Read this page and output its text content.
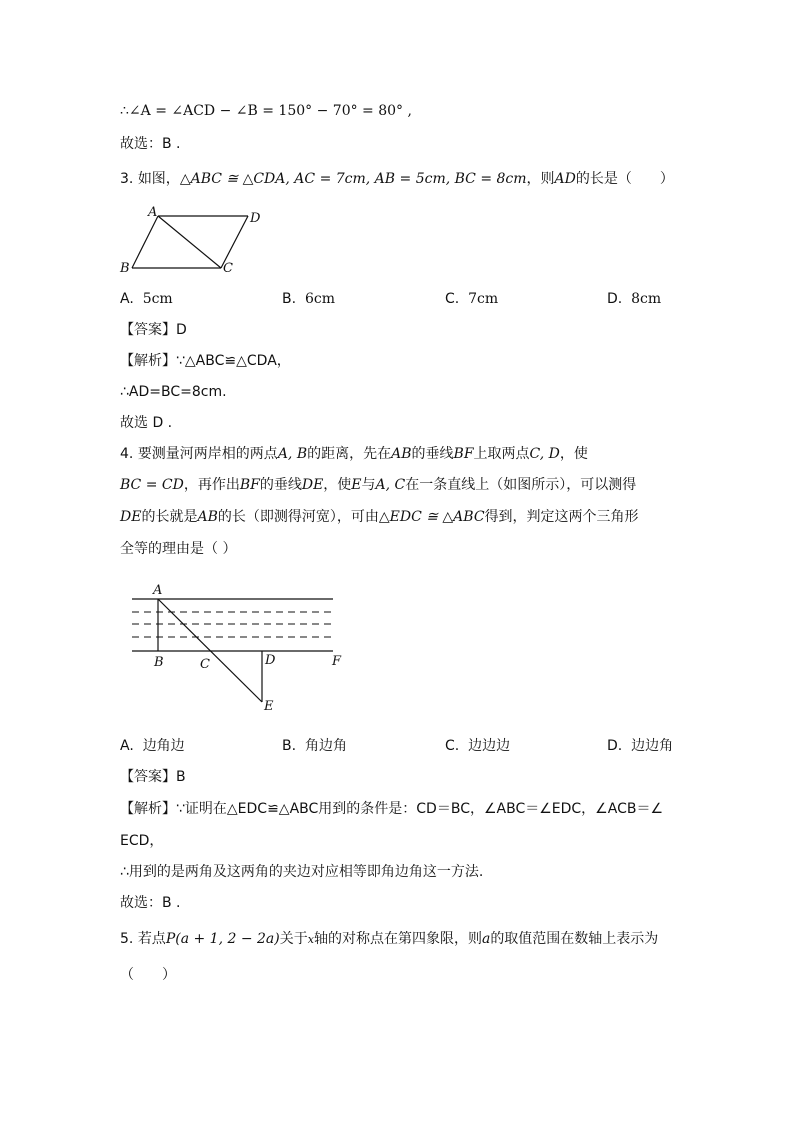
∴∠A = ∠ACD − ∠B = 150° − 70° = 80° ,
故选：B .
3. 如图，△ABC ≅ △CDA, AC = 7cm, AB = 5cm, BC = 8cm，则AD的长是（　　）
A
B	C
D
A. 5cm	B. 6cm	C. 7cm	D. 8cm
【答案】D
【解析】∵△ABC≌△CDA，
∴AD=BC=8cm.
故选 D .
4. 要测量河两岸相的两点A, B的距离，先在AB的垂线BF上取两点C, D，使
BC = CD，再作出BF的垂线DE，使E与A, C在一条直线上（如图所示），可以测得
DE的长就是AB的长（即测得河宽），可由△EDC ≅ △ABC得到，判定这两个三角形
全等的理由是（ ）
A
B	C	D	F
E
A. 边角边	B. 角边角	C. 边边边	D. 边边角
【答案】B
【解析】∵证明在△EDC≌△ABC用到的条件是：CD＝BC，∠ABC＝∠EDC，∠ACB＝∠
ECD，
∴用到的是两角及这两角的夹边对应相等即角边角这一方法.
故选：B .
5. 若点P(a + 1, 2 − 2a)关于x轴的对称点在第四象限，则a的取值范围在数轴上表示为
（　　）
